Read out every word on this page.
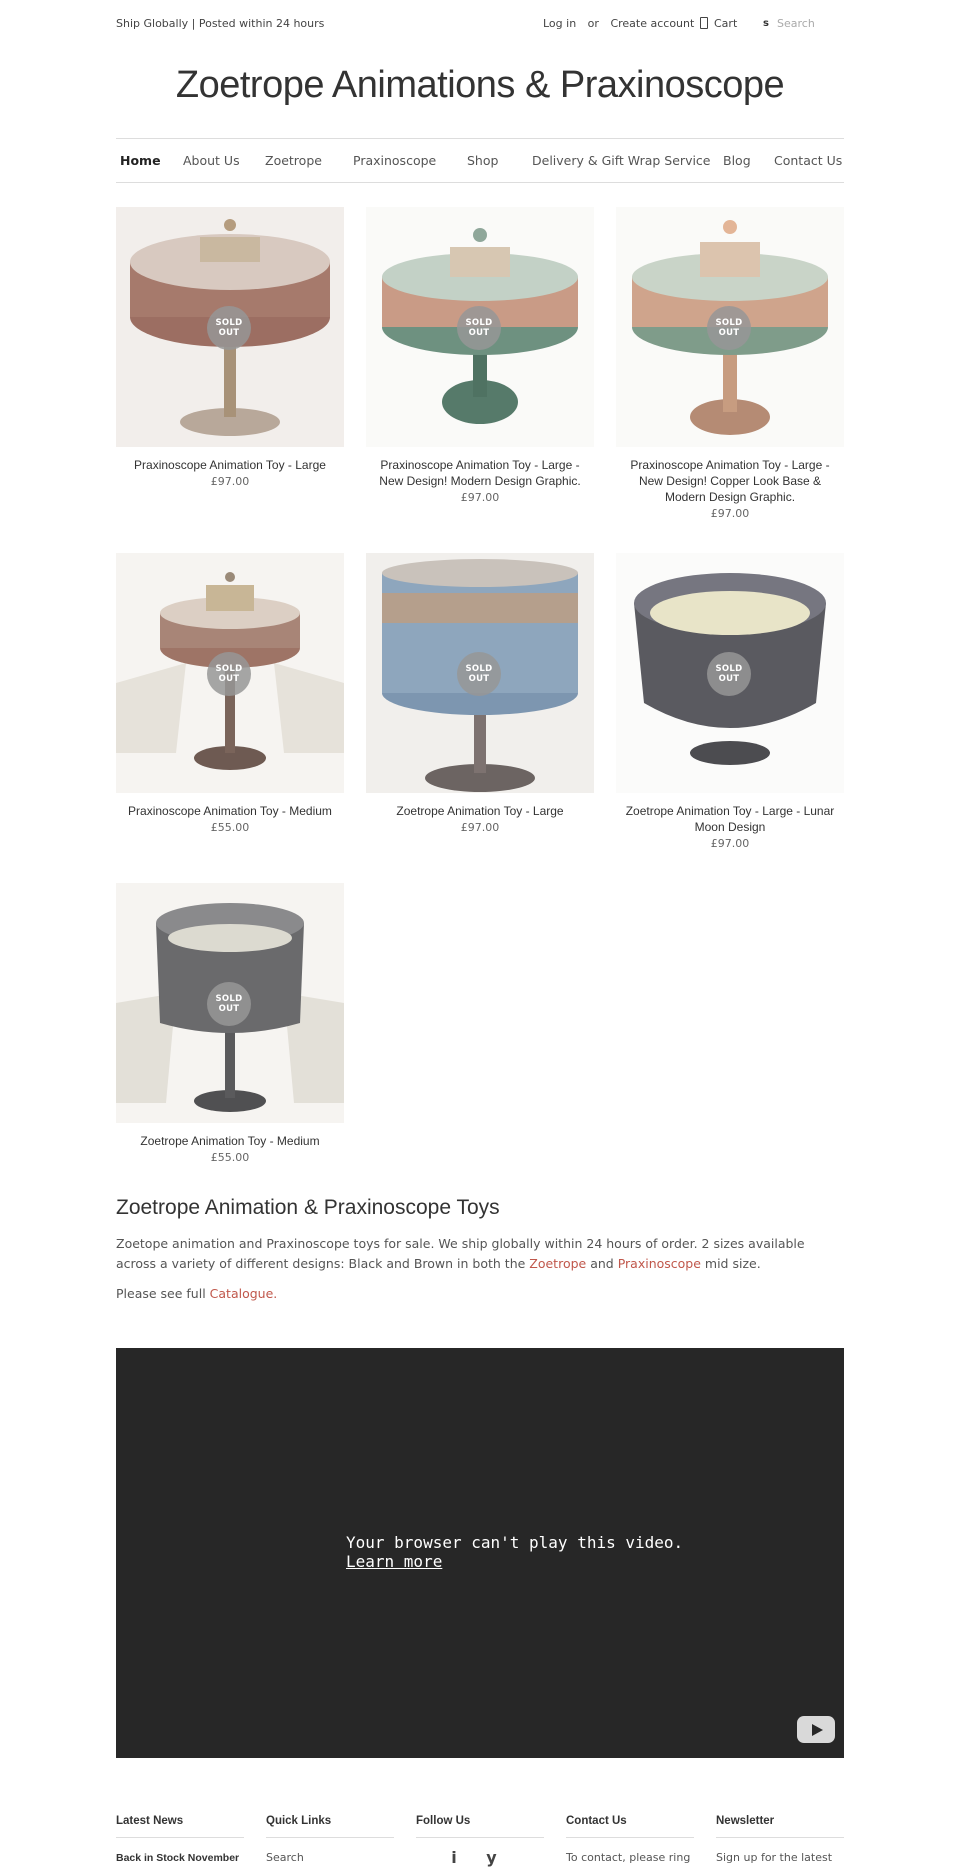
Ship Globally | Posted within 24 hours	Log in or Create account	Cart	s
Search
Zoetrope Animations & Praxinoscope
Home About Us Zoetrope Praxinoscope Shop	Delivery & Gift Wrap Service Blog Contact Us
SOLD
OUT
Praxinoscope Animation Toy - Large
£97.00
SOLD
OUT
Praxinoscope Animation Toy - Large - New Design! Modern Design Graphic.
£97.00
SOLD
OUT
Praxinoscope Animation Toy - Large - New Design! Copper Look Base & Modern Design Graphic.
£97.00
SOLD
OUT
Praxinoscope Animation Toy - Medium
£55.00
SOLD
OUT
Zoetrope Animation Toy - Large
£97.00
SOLD
OUT
Zoetrope Animation Toy - Large - Lunar Moon Design
£97.00
SOLD
OUT
Zoetrope Animation Toy - Medium
£55.00
Zoetrope Animation & Praxinoscope Toys
Zoetope animation and Praxinoscope toys for sale. We ship globally within 24 hours of order. 2 sizes available across a variety of different designs: Black and Brown in both the Zoetrope and Praxinoscope mid size.
Please see full Catalogue.
Your browser can't play this video.
Learn more
Latest News
Back in Stock November
Quick Links
Search
Follow Us
i y
Contact Us
To contact, please ring
Newsletter
Sign up for the latest
